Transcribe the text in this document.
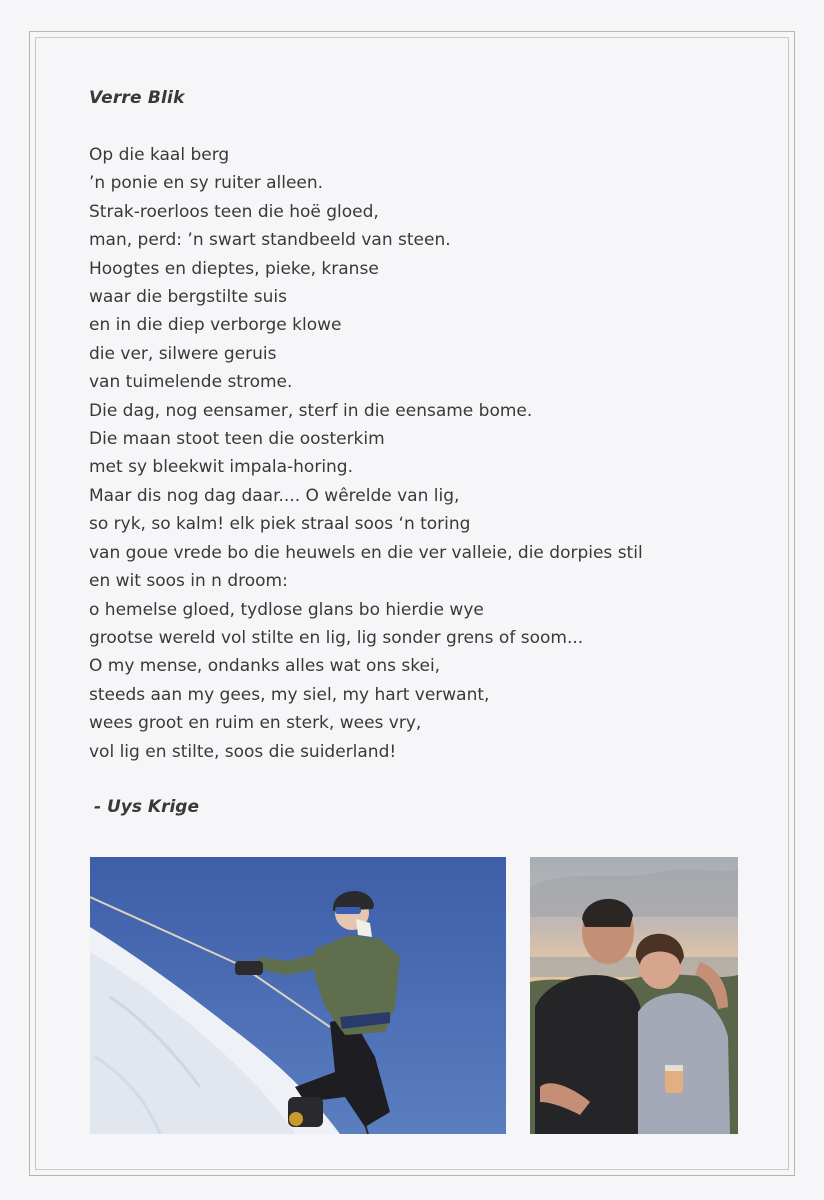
Verre Blik
Op die kaal berg
’n ponie en sy ruiter alleen.
Strak-roerloos teen die hoë gloed,
man, perd: ’n swart standbeeld van steen.
Hoogtes en dieptes, pieke, kranse
waar die bergstilte suis
en in die diep verborge klowe
die ver, silwere geruis
van tuimelende strome.
Die dag, nog eensamer, sterf in die eensame bome.
Die maan stoot teen die oosterkim
met sy bleekwit impala-horing.
Maar dis nog dag daar.... O wêrelde van lig,
so ryk, so kalm! elk piek straal soos ‘n toring
van goue vrede bo die heuwels en die ver valleie, die dorpies stil
en wit soos in n droom:
o hemelse gloed, tydlose glans bo hierdie wye
grootse wereld vol stilte en lig, lig sonder grens of soom...
O my mense, ondanks alles wat ons skei,
steeds aan my gees, my siel, my hart verwant,
wees groot en ruim en sterk, wees vry,
vol lig en stilte, soos die suiderland!

- Uys Krige
